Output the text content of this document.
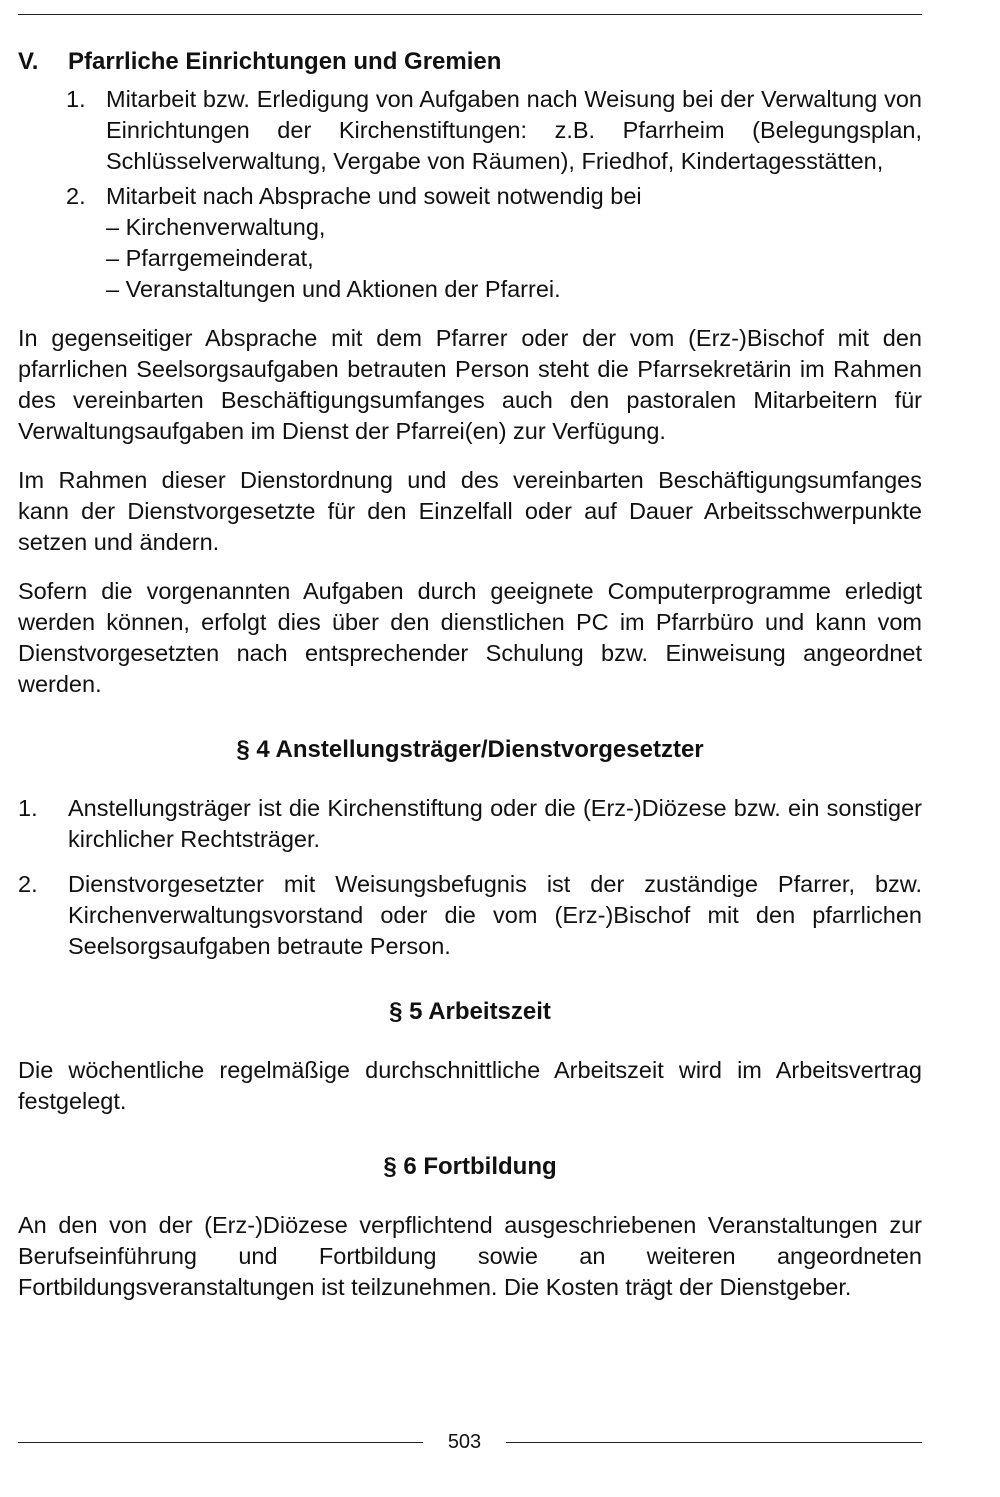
V.	Pfarrliche Einrichtungen und Gremien
1. Mitarbeit bzw. Erledigung von Aufgaben nach Weisung bei der Verwaltung von Einrichtungen der Kirchenstiftungen: z.B. Pfarrheim (Belegungsplan, Schlüsselverwaltung, Vergabe von Räumen), Friedhof, Kindertagesstätten,
2. Mitarbeit nach Absprache und soweit notwendig bei
– Kirchenverwaltung,
– Pfarrgemeinderat,
– Veranstaltungen und Aktionen der Pfarrei.

In gegenseitiger Absprache mit dem Pfarrer oder der vom (Erz-)Bischof mit den pfarrlichen Seelsorgsaufgaben betrauten Person steht die Pfarrsekretärin im Rahmen des vereinbarten Beschäftigungsumfanges auch den pastoralen Mitarbeitern für Verwaltungsaufgaben im Dienst der Pfarrei(en) zur Verfügung.

Im Rahmen dieser Dienstordnung und des vereinbarten Beschäftigungsumfanges kann der Dienstvorgesetzte für den Einzelfall oder auf Dauer Arbeitsschwerpunkte setzen und ändern.

Sofern die vorgenannten Aufgaben durch geeignete Computerprogramme erledigt werden können, erfolgt dies über den dienstlichen PC im Pfarrbüro und kann vom Dienstvorgesetzten nach entsprechender Schulung bzw. Einweisung angeordnet werden.

§ 4 Anstellungsträger/Dienstvorgesetzter
1.	Anstellungsträger ist die Kirchenstiftung oder die (Erz-)Diözese bzw. ein sonstiger kirchlicher Rechtsträger.
2.	Dienstvorgesetzter mit Weisungsbefugnis ist der zuständige Pfarrer, bzw. Kirchenverwaltungsvorstand oder die vom (Erz-)Bischof mit den pfarrlichen Seelsorgsaufgaben betraute Person.
§ 5 Arbeitszeit

Die wöchentliche regelmäßige durchschnittliche Arbeitszeit wird im Arbeitsvertrag festgelegt.

§ 6 Fortbildung

An den von der (Erz-)Diözese verpflichtend ausgeschriebenen Veranstaltungen zur Berufseinführung und Fortbildung sowie an weiteren angeordneten Fortbildungsveranstaltungen ist teilzunehmen. Die Kosten trägt der Dienstgeber.

503
